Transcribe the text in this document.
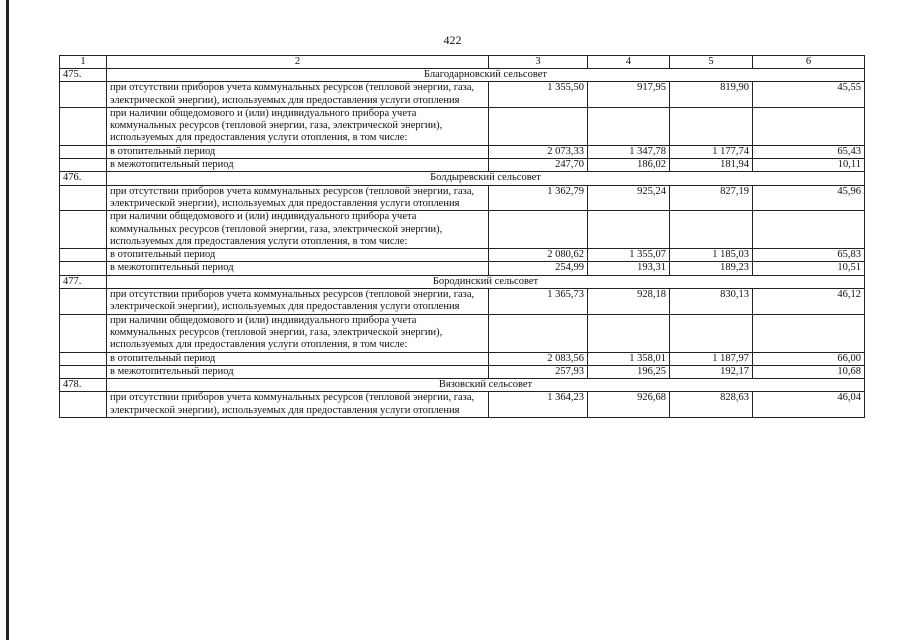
422
1	2	3	4	5	6
475.	Благодарновский сельсовет				
	при отсутствии приборов учета коммунальных ресурсов (тепловой энергии, газа, электрической энергии), используемых для предоставления услуги отопления	1 355,50	917,95	819,90	45,55
	при наличии общедомового и (или) индивидуального прибора учета коммунальных ресурсов (тепловой энергии, газа, электрической энергии), используемых для предоставления услуги отопления, в том числе:				
	в отопительный период	2 073,33	1 347,78	1 177,74	65,43
	в межотопительный период	247,70	186,02	181,94	10,11
476.	Болдыревский сельсовет				
	при отсутствии приборов учета коммунальных ресурсов (тепловой энергии, газа, электрической энергии), используемых для предоставления услуги отопления	1 362,79	925,24	827,19	45,96
	при наличии общедомового и (или) индивидуального прибора учета коммунальных ресурсов (тепловой энергии, газа, электрической энергии), используемых для предоставления услуги отопления, в том числе:				
	в отопительный период	2 080,62	1 355,07	1 185,03	65,83
	в межотопительный период	254,99	193,31	189,23	10,51
477.	Бородинский сельсовет				
	при отсутствии приборов учета коммунальных ресурсов (тепловой энергии, газа, электрической энергии), используемых для предоставления услуги отопления	1 365,73	928,18	830,13	46,12
	при наличии общедомового и (или) индивидуального прибора учета коммунальных ресурсов (тепловой энергии, газа, электрической энергии), используемых для предоставления услуги отопления, в том числе:				
	в отопительный период	2 083,56	1 358,01	1 187,97	66,00
	в межотопительный период	257,93	196,25	192,17	10,68
478.	Вязовский сельсовет				
	при отсутствии приборов учета коммунальных ресурсов (тепловой энергии, газа, электрической энергии), используемых для предоставления услуги отопления	1 364,23	926,68	828,63	46,04
